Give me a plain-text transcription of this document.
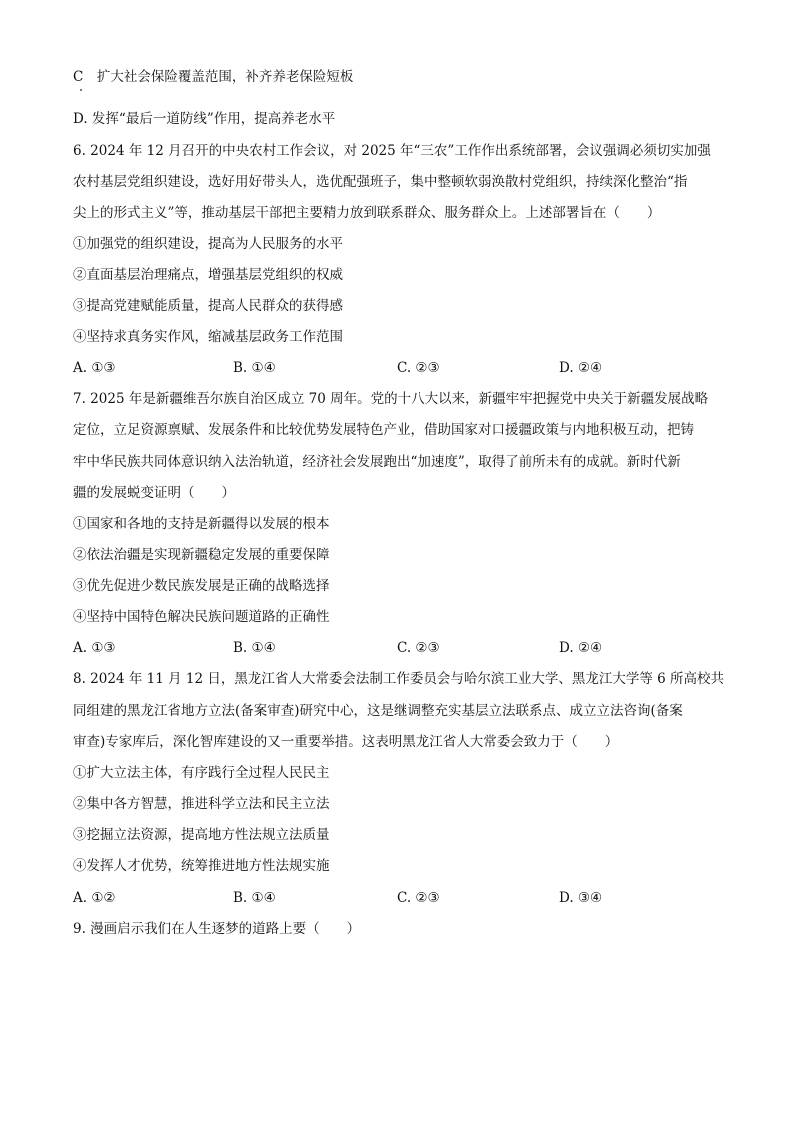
C　扩大社会保险覆盖范围，补齐养老保险短板
D. 发挥“最后一道防线”作用，提高养老水平
6. 2024 年 12 月召开的中央农村工作会议，对 2025 年“三农”工作作出系统部署，会议强调必须切实加强
农村基层党组织建设，选好用好带头人，选优配强班子，集中整顿软弱涣散村党组织，持续深化整治“指
尖上的形式主义”等，推动基层干部把主要精力放到联系群众、服务群众上。上述部署旨在（　　）
①加强党的组织建设，提高为人民服务的水平
②直面基层治理痛点，增强基层党组织的权威
③提高党建赋能质量，提高人民群众的获得感
④坚持求真务实作风，缩减基层政务工作范围
A. ①③	B. ①④	C. ②③	D. ②④
7. 2025 年是新疆维吾尔族自治区成立 70 周年。党的十八大以来，新疆牢牢把握党中央关于新疆发展战略
定位，立足资源禀赋、发展条件和比较优势发展特色产业，借助国家对口援疆政策与内地积极互动，把铸
牢中华民族共同体意识纳入法治轨道，经济社会发展跑出“加速度”，取得了前所未有的成就。新时代新
疆的发展蜕变证明（　　）
①国家和各地的支持是新疆得以发展的根本
②依法治疆是实现新疆稳定发展的重要保障
③优先促进少数民族发展是正确的战略选择
④坚持中国特色解决民族问题道路的正确性
A. ①③	B. ①④	C. ②③	D. ②④
8. 2024 年 11 月 12 日，黑龙江省人大常委会法制工作委员会与哈尔滨工业大学、黑龙江大学等 6 所高校共
同组建的黑龙江省地方立法(备案审查)研究中心，这是继调整充实基层立法联系点、成立立法咨询(备案
审查)专家库后，深化智库建设的又一重要举措。这表明黑龙江省人大常委会致力于（　　）
①扩大立法主体，有序践行全过程人民民主
②集中各方智慧，推进科学立法和民主立法
③挖掘立法资源，提高地方性法规立法质量
④发挥人才优势，统筹推进地方性法规实施
A. ①②	B. ①④	C. ②③	D. ③④
9. 漫画启示我们在人生逐梦的道路上要（　　）
